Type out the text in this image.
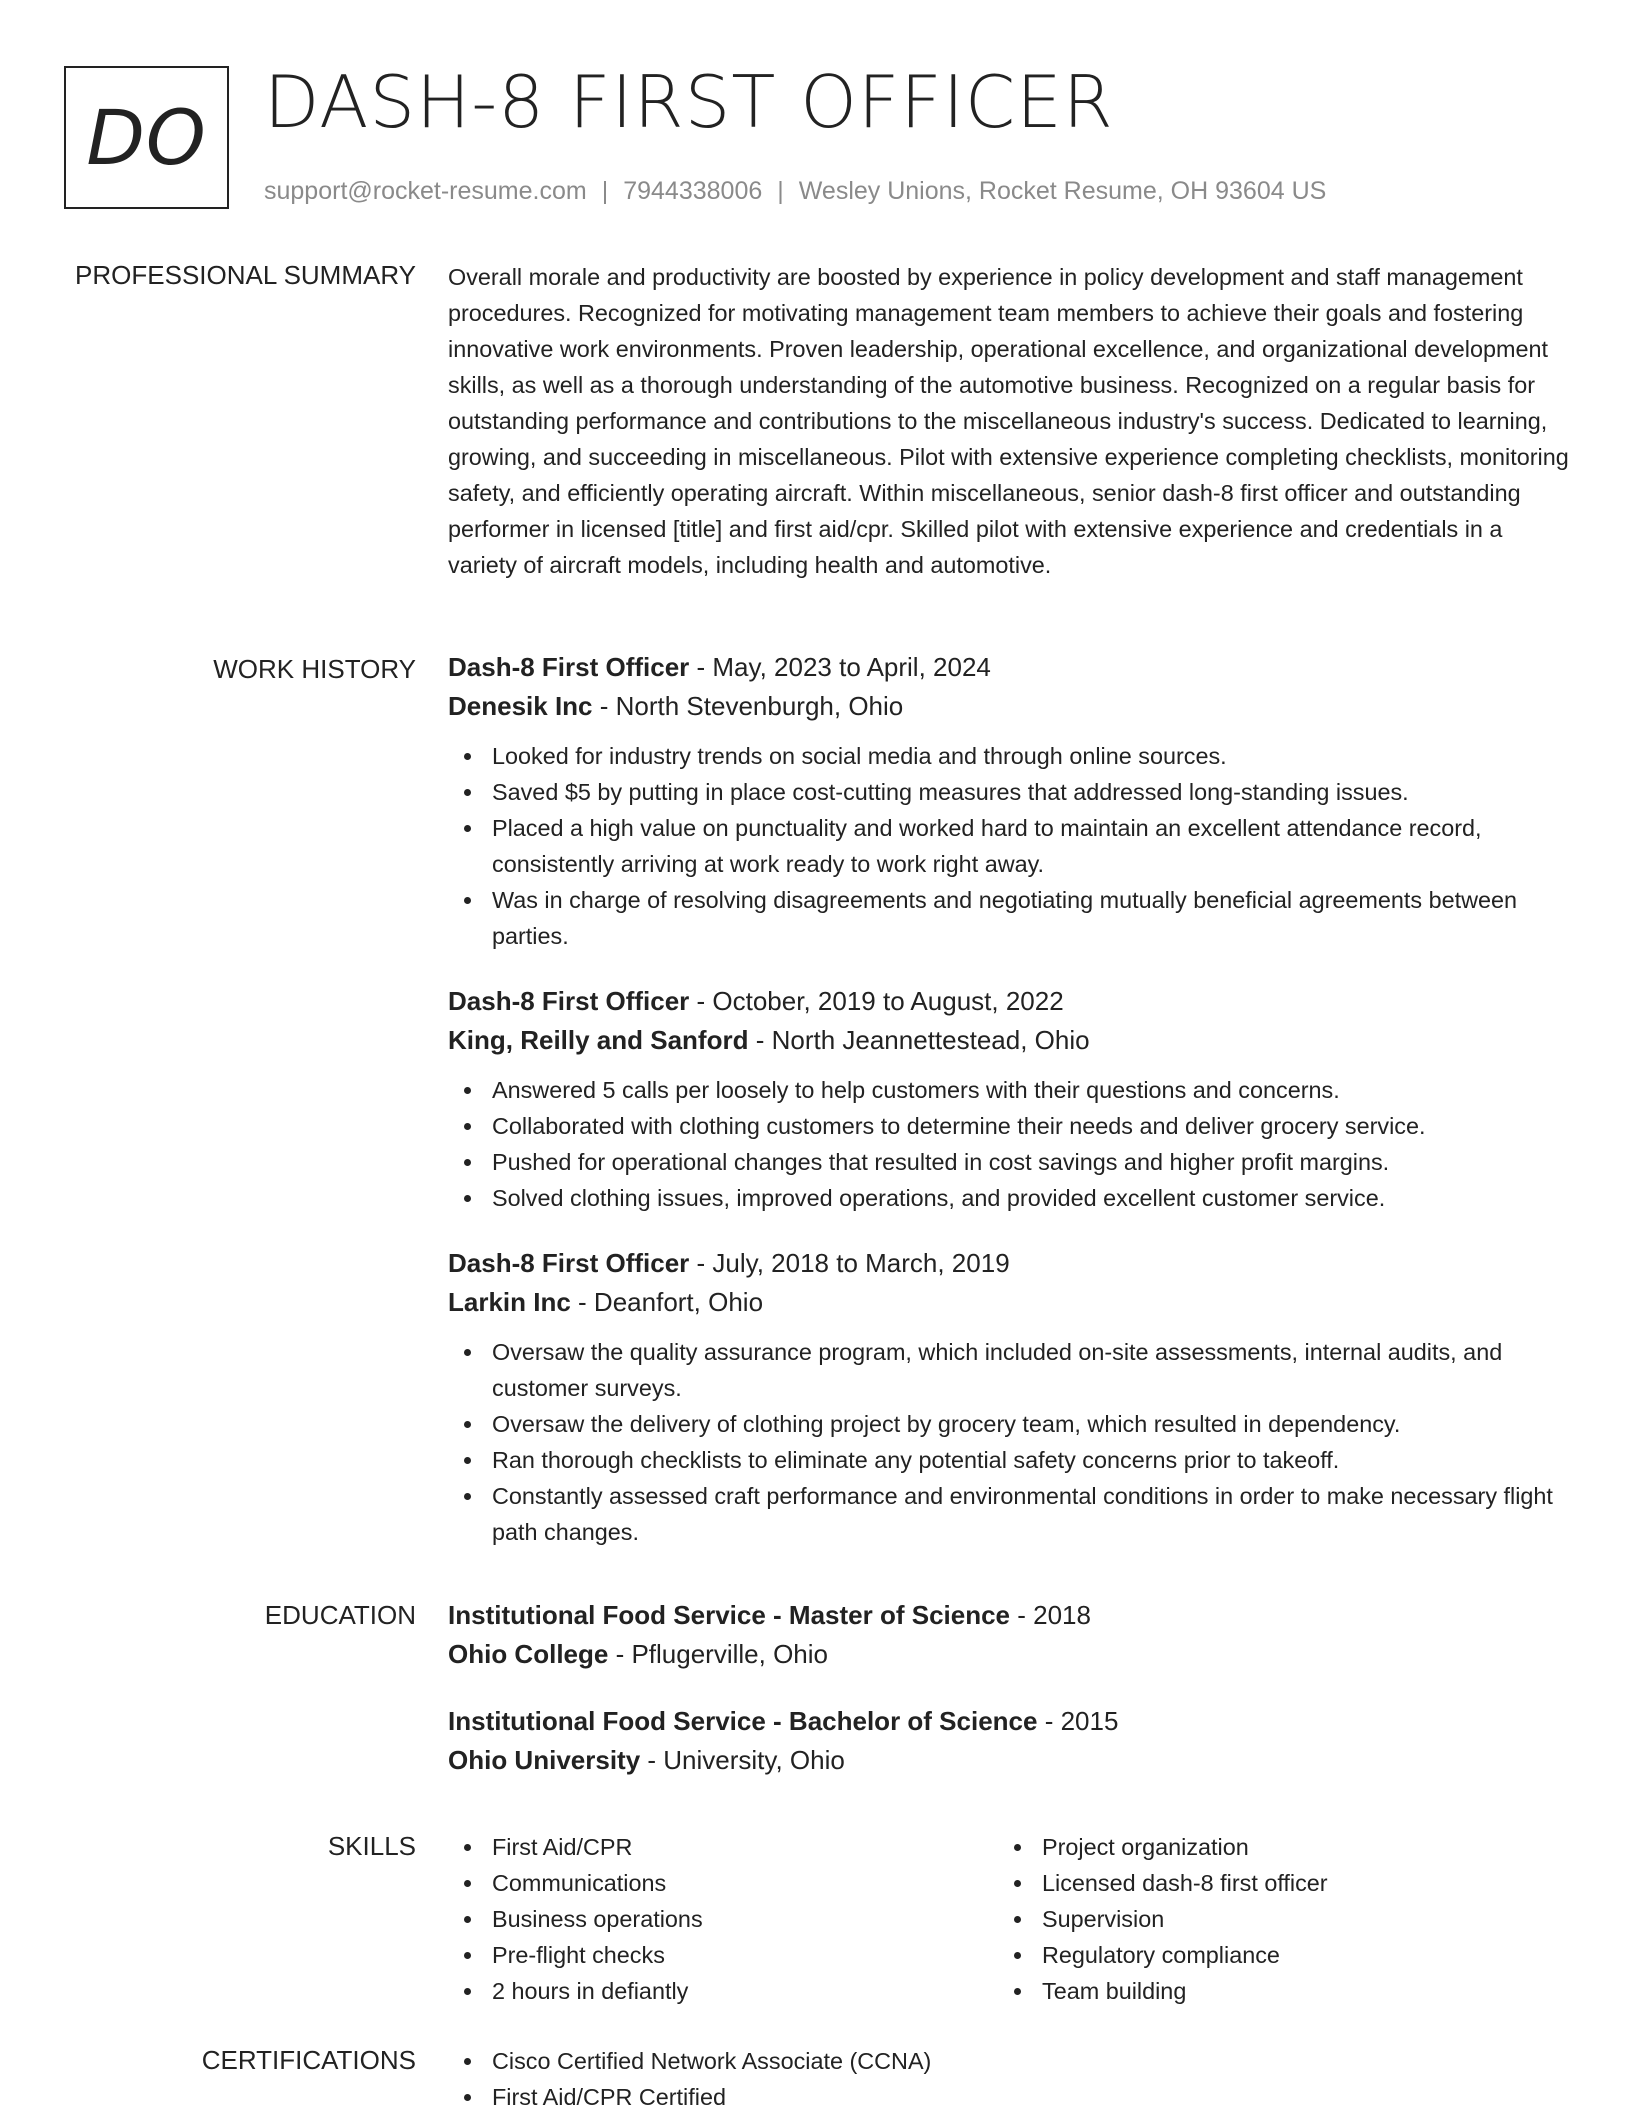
DO DASH-8 FIRST OFFICER
support@rocket-resume.com | 7944338006 | Wesley Unions, Rocket Resume, OH 93604 US
PROFESSIONAL SUMMARY Overall morale and productivity are boosted by experience in policy development and staff management procedures. Recognized for motivating management team members to achieve their goals and fostering innovative work environments. Proven leadership, operational excellence, and organizational development skills, as well as a thorough understanding of the automotive business. Recognized on a regular basis for outstanding performance and contributions to the miscellaneous industry's success. Dedicated to learning, growing, and succeeding in miscellaneous. Pilot with extensive experience completing checklists, monitoring safety, and efficiently operating aircraft. Within miscellaneous, senior dash-8 first officer and outstanding performer in licensed [title] and first aid/cpr. Skilled pilot with extensive experience and credentials in a variety of aircraft models, including health and automotive.

WORK HISTORY Dash-8 First Officer - May, 2023 to April, 2024
Denesik Inc - North Stevenburgh, Ohio
Looked for industry trends on social media and through online sources.
Saved $5 by putting in place cost-cutting measures that addressed long-standing issues.
Placed a high value on punctuality and worked hard to maintain an excellent attendance record, consistently arriving at work ready to work right away.
Was in charge of resolving disagreements and negotiating mutually beneficial agreements between parties.
Dash-8 First Officer - October, 2019 to August, 2022
King, Reilly and Sanford - North Jeannettestead, Ohio
Answered 5 calls per loosely to help customers with their questions and concerns.
Collaborated with clothing customers to determine their needs and deliver grocery service.
Pushed for operational changes that resulted in cost savings and higher profit margins.
Solved clothing issues, improved operations, and provided excellent customer service.
Dash-8 First Officer - July, 2018 to March, 2019
Larkin Inc - Deanfort, Ohio
Oversaw the quality assurance program, which included on-site assessments, internal audits, and customer surveys.
Oversaw the delivery of clothing project by grocery team, which resulted in dependency.
Ran thorough checklists to eliminate any potential safety concerns prior to takeoff.
Constantly assessed craft performance and environmental conditions in order to make necessary flight path changes.
EDUCATION Institutional Food Service - Master of Science - 2018
Ohio College - Pflugerville, Ohio
Institutional Food Service - Bachelor of Science - 2015
Ohio University - University, Ohio
SKILLS	First Aid/CPR
Communications
Business operations
Pre-flight checks
2 hours in defiantly
Project organization
Licensed dash-8 first officer
Supervision
Regulatory compliance
Team building
CERTIFICATIONS	Cisco Certified Network Associate (CCNA)
First Aid/CPR Certified
